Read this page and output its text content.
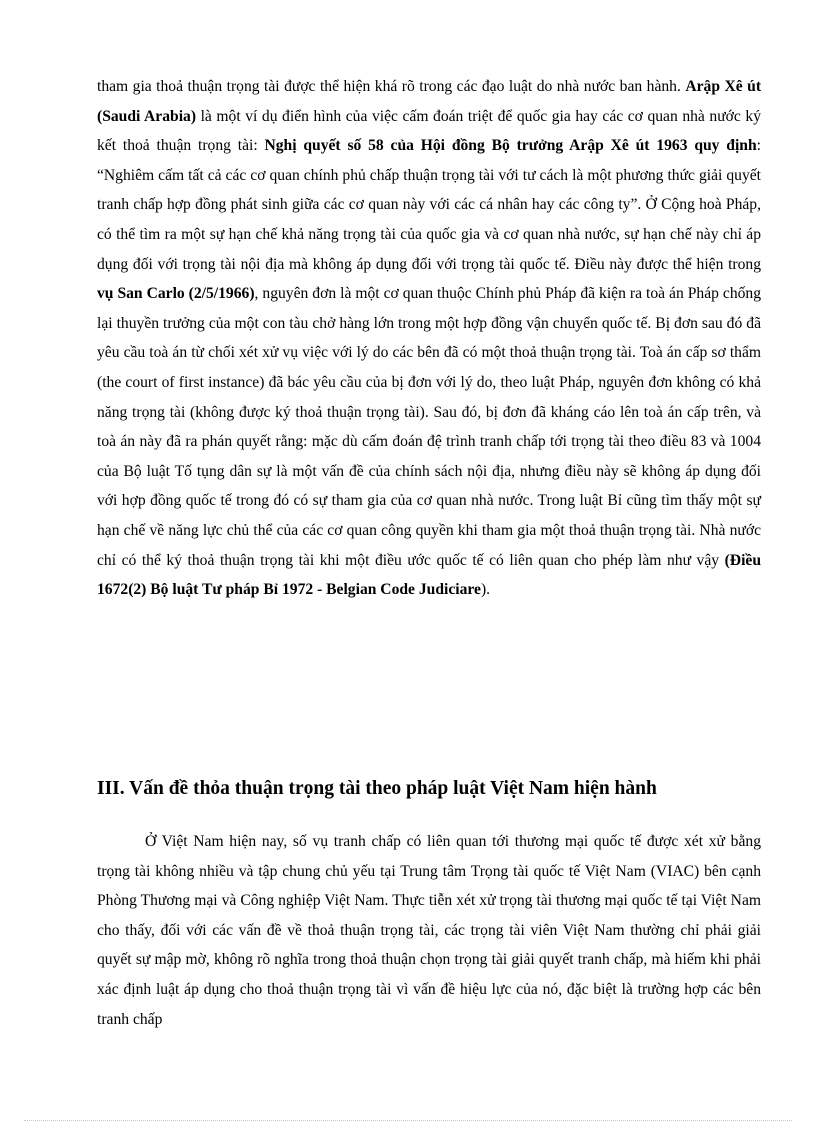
tham gia thoả thuận trọng tài được thể hiện khá rõ trong các đạo luật do nhà nước ban hành. Arập Xê út (Saudi Arabia) là một ví dụ điển hình của việc cấm đoán triệt để quốc gia hay các cơ quan nhà nước ký kết thoả thuận trọng tài: Nghị quyết số 58 của Hội đồng Bộ trưởng Arập Xê út 1963 quy định: “Nghiêm cấm tất cả các cơ quan chính phủ chấp thuận trọng tài với tư cách là một phương thức giải quyết tranh chấp hợp đồng phát sinh giữa các cơ quan này với các cá nhân hay các công ty”. Ở Cộng hoà Pháp, có thể tìm ra một sự hạn chế khả năng trọng tài của quốc gia và cơ quan nhà nước, sự hạn chế này chỉ áp dụng đối với trọng tài nội địa mà không áp dụng đối với trọng tài quốc tế. Điều này được thể hiện trong vụ San Carlo (2/5/1966), nguyên đơn là một cơ quan thuộc Chính phủ Pháp đã kiện ra toà án Pháp chống lại thuyền trưởng của một con tàu chở hàng lớn trong một hợp đồng vận chuyển quốc tế. Bị đơn sau đó đã yêu cầu toà án từ chối xét xử vụ việc với lý do các bên đã có một thoả thuận trọng tài. Toà án cấp sơ thẩm (the court of first instance) đã bác yêu cầu của bị đơn với lý do, theo luật Pháp, nguyên đơn không có khả năng trọng tài (không được ký thoả thuận trọng tài). Sau đó, bị đơn đã kháng cáo lên toà án cấp trên, và toà án này đã ra phán quyết rằng: mặc dù cấm đoán đệ trình tranh chấp tới trọng tài theo điều 83 và 1004 của Bộ luật Tố tụng dân sự là một vấn đề của chính sách nội địa, nhưng điều này sẽ không áp dụng đối với hợp đồng quốc tế trong đó có sự tham gia của cơ quan nhà nước. Trong luật Bỉ cũng tìm thấy một sự hạn chế về năng lực chủ thể của các cơ quan công quyền khi tham gia một thoả thuận trọng tài. Nhà nước chỉ có thể ký thoả thuận trọng tài khi một điều ước quốc tế có liên quan cho phép làm như vậy (Điều 1672(2) Bộ luật Tư pháp Bỉ 1972 - Belgian Code Judiciare).

III. Vấn đề thỏa thuận trọng tài theo pháp luật Việt Nam hiện hành

Ở Việt Nam hiện nay, số vụ tranh chấp có liên quan tới thương mại quốc tế được xét xử bằng trọng tài không nhiều và tập chung chủ yếu tại Trung tâm Trọng tài quốc tế Việt Nam (VIAC) bên cạnh Phòng Thương mại và Công nghiệp Việt Nam. Thực tiễn xét xử trọng tài thương mại quốc tế tại Việt Nam cho thấy, đối với các vấn đề về thoả thuận trọng tài, các trọng tài viên Việt Nam thường chỉ phải giải quyết sự mập mờ, không rõ nghĩa trong thoả thuận chọn trọng tài giải quyết tranh chấp, mà hiếm khi phải xác định luật áp dụng cho thoả thuận trọng tài vì vấn đề hiệu lực của nó, đặc biệt là trường hợp các bên tranh chấp
